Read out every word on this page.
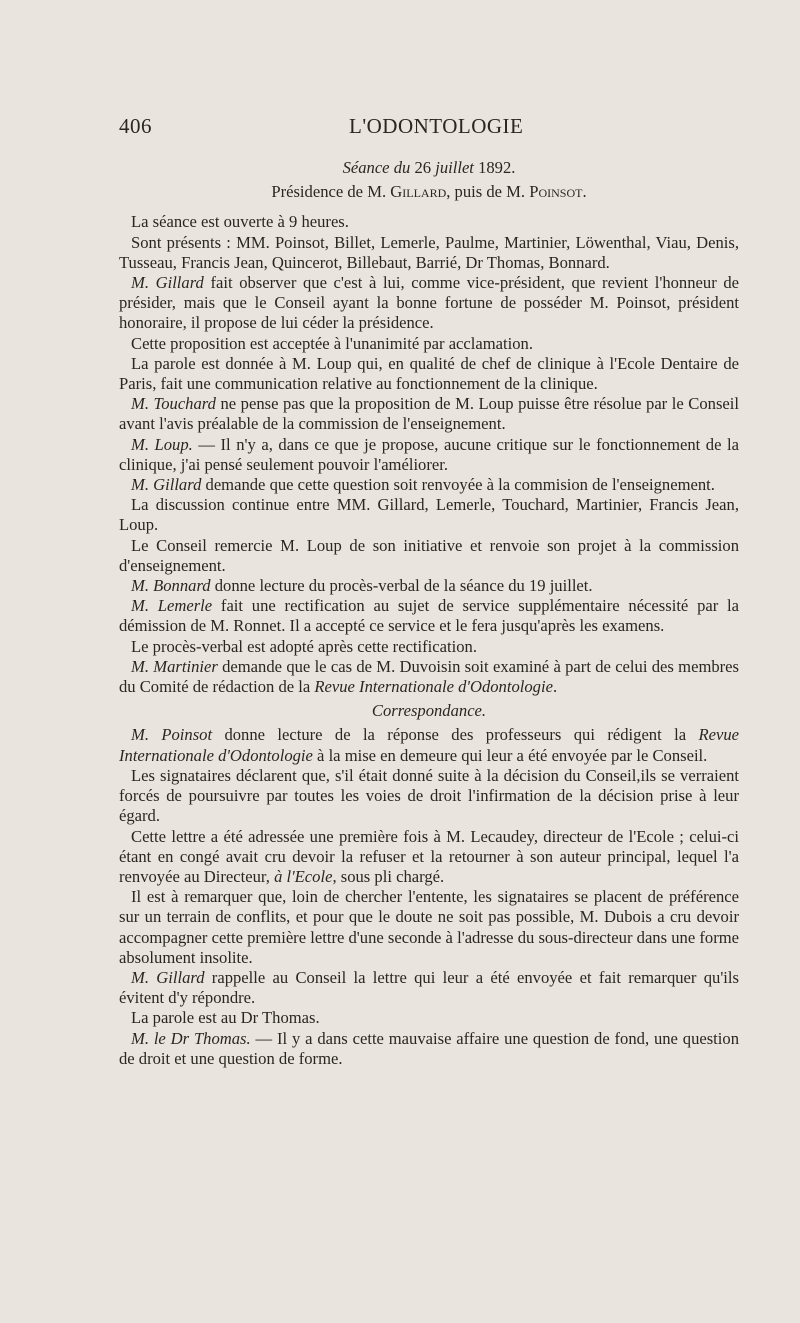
406	L'ODONTOLOGIE
Séance du 26 juillet 1892.
Présidence de M. Gillard, puis de M. Poinsot.

La séance est ouverte à 9 heures.

Sont présents : MM. Poinsot, Billet, Lemerle, Paulme, Martinier, Löwenthal, Viau, Denis, Tusseau, Francis Jean, Quincerot, Billebaut, Barrié, Dr Thomas, Bonnard.

M. Gillard fait observer que c'est à lui, comme vice-président, que revient l'honneur de présider, mais que le Conseil ayant la bonne fortune de posséder M. Poinsot, président honoraire, il propose de lui céder la présidence.

Cette proposition est acceptée à l'unanimité par acclamation.

La parole est donnée à M. Loup qui, en qualité de chef de clinique à l'Ecole Dentaire de Paris, fait une communication relative au fonctionnement de la clinique.

M. Touchard ne pense pas que la proposition de M. Loup puisse être résolue par le Conseil avant l'avis préalable de la commission de l'enseignement.

M. Loup. — Il n'y a, dans ce que je propose, aucune critique sur le fonctionnement de la clinique, j'ai pensé seulement pouvoir l'améliorer.

M. Gillard demande que cette question soit renvoyée à la commision de l'enseignement.

La discussion continue entre MM. Gillard, Lemerle, Touchard, Martinier, Francis Jean, Loup.

Le Conseil remercie M. Loup de son initiative et renvoie son projet à la commission d'enseignement.

M. Bonnard donne lecture du procès-verbal de la séance du 19 juillet.

M. Lemerle fait une rectification au sujet de service supplémentaire nécessité par la démission de M. Ronnet. Il a accepté ce service et le fera jusqu'après les examens.

Le procès-verbal est adopté après cette rectification.

M. Martinier demande que le cas de M. Duvoisin soit examiné à part de celui des membres du Comité de rédaction de la Revue Internationale d'Odontologie.

Correspondance.

M. Poinsot donne lecture de la réponse des professeurs qui rédigent la Revue Internationale d'Odontologie à la mise en demeure qui leur a été envoyée par le Conseil.

Les signataires déclarent que, s'il était donné suite à la décision du Conseil,ils se verraient forcés de poursuivre par toutes les voies de droit l'infirmation de la décision prise à leur égard.

Cette lettre a été adressée une première fois à M. Lecaudey, directeur de l'Ecole ; celui-ci étant en congé avait cru devoir la refuser et la retourner à son auteur principal, lequel l'a renvoyée au Directeur, à l'Ecole, sous pli chargé.

Il est à remarquer que, loin de chercher l'entente, les signataires se placent de préférence sur un terrain de conflits, et pour que le doute ne soit pas possible, M. Dubois a cru devoir accompagner cette première lettre d'une seconde à l'adresse du sous-directeur dans une forme absolument insolite.

M. Gillard rappelle au Conseil la lettre qui leur a été envoyée et fait remarquer qu'ils évitent d'y répondre.

La parole est au Dr Thomas.

M. le Dr Thomas. — Il y a dans cette mauvaise affaire une question de fond, une question de droit et une question de forme.
